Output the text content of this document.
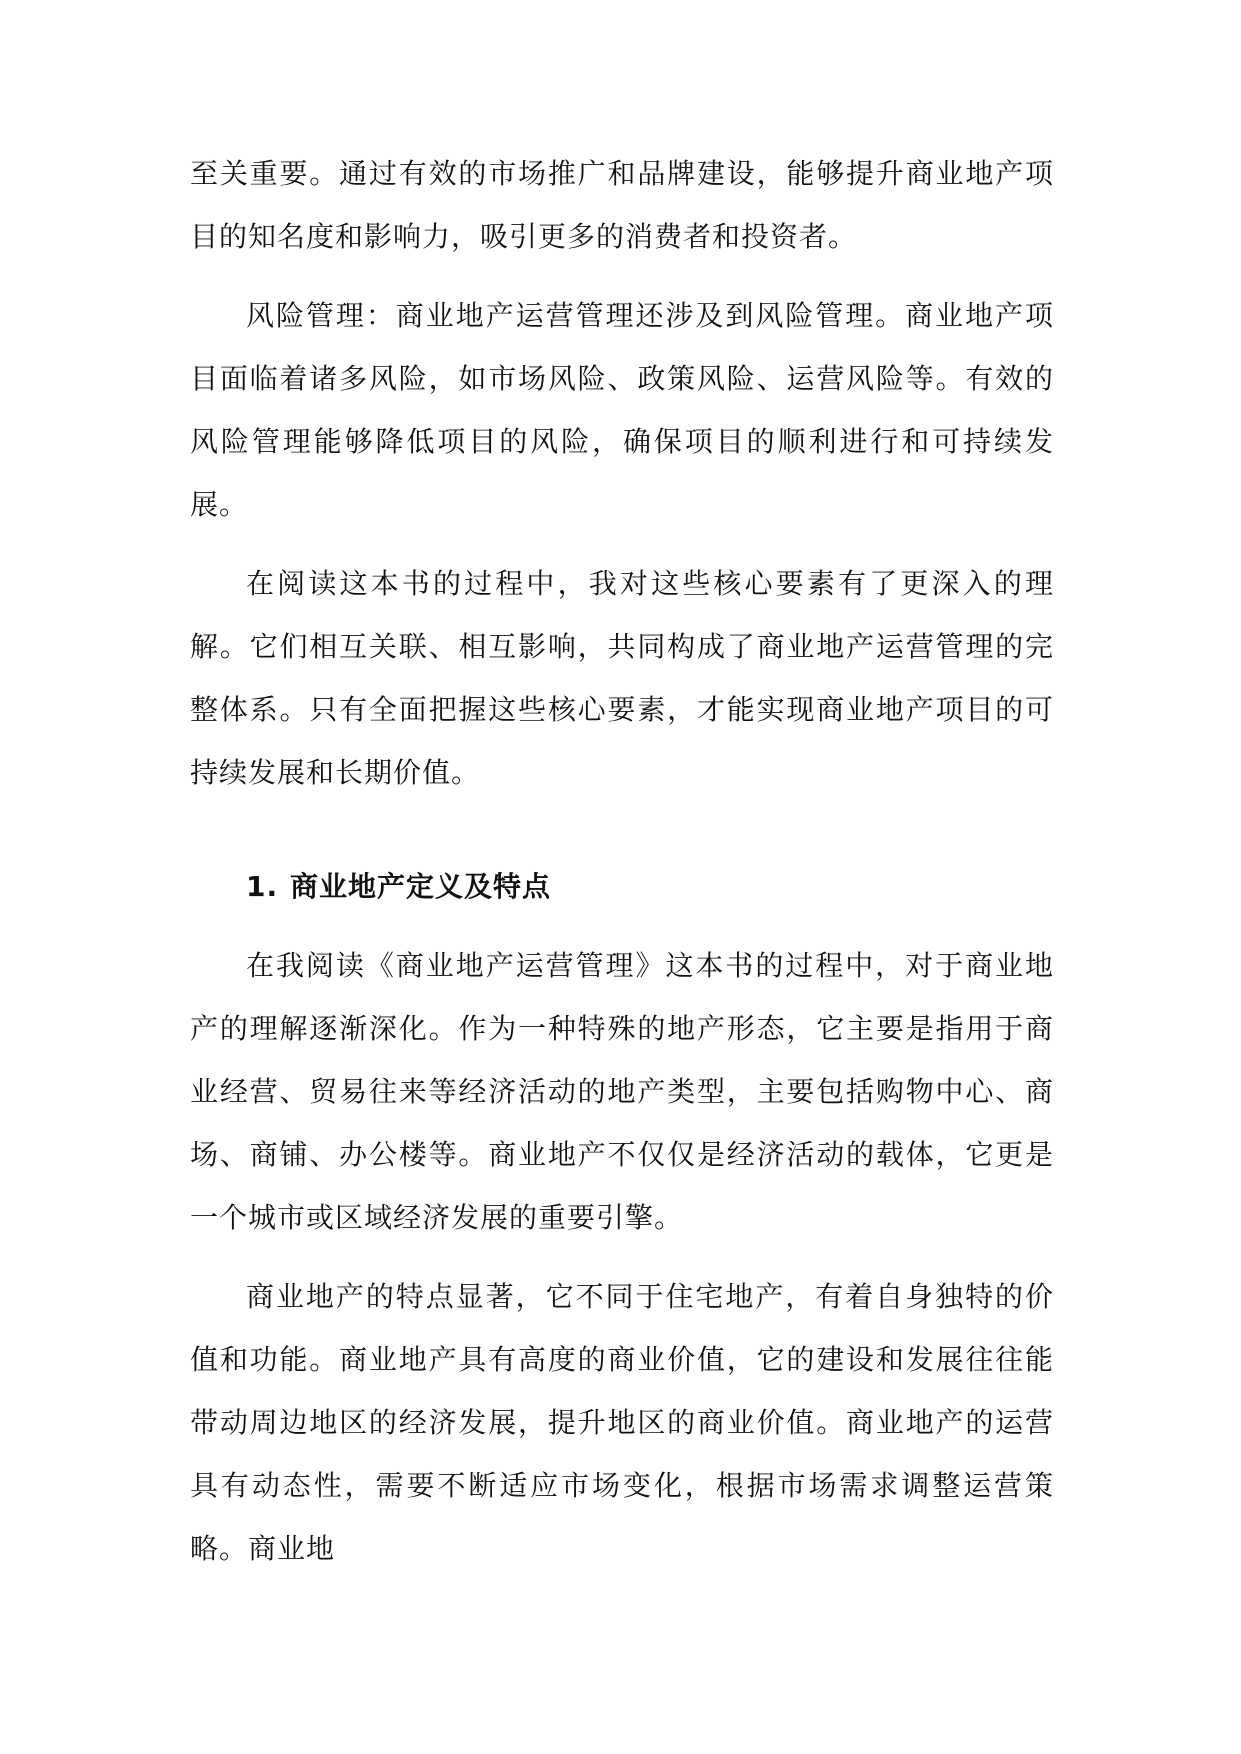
至关重要。通过有效的市场推广和品牌建设，能够提升商业地产项目的知名度和影响力，吸引更多的消费者和投资者。

风险管理：商业地产运营管理还涉及到风险管理。商业地产项目面临着诸多风险，如市场风险、政策风险、运营风险等。有效的风险管理能够降低项目的风险，确保项目的顺利进行和可持续发展。

在阅读这本书的过程中，我对这些核心要素有了更深入的理解。它们相互关联、相互影响，共同构成了商业地产运营管理的完整体系。只有全面把握这些核心要素，才能实现商业地产项目的可持续发展和长期价值。

1. 商业地产定义及特点

在我阅读《商业地产运营管理》这本书的过程中，对于商业地产的理解逐渐深化。作为一种特殊的地产形态，它主要是指用于商业经营、贸易往来等经济活动的地产类型，主要包括购物中心、商场、商铺、办公楼等。商业地产不仅仅是经济活动的载体，它更是一个城市或区域经济发展的重要引擎。

商业地产的特点显著，它不同于住宅地产，有着自身独特的价值和功能。商业地产具有高度的商业价值，它的建设和发展往往能带动周边地区的经济发展，提升地区的商业价值。商业地产的运营具有动态性，需要不断适应市场变化，根据市场需求调整运营策略。商业地
